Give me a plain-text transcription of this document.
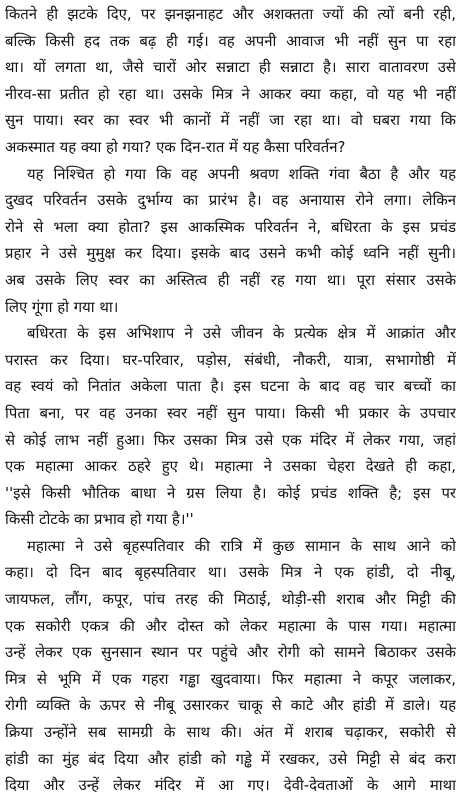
कितने ही झटके दिए, पर झनझनाहट और अशक्तता ज्यों की त्यों बनी रही,
बल्कि किसी हद तक बढ़ ही गई। वह अपनी आवाज भी नहीं सुन पा रहा
था। यों लगता था, जैसे चारों ओर सन्नाटा ही सन्नाटा है। सारा वातावरण उसे
नीरव-सा प्रतीत हो रहा था। उसके मित्र ने आकर क्या कहा, वो यह भी नहीं
सुन पाया। स्वर का स्वर भी कानों में नहीं जा रहा था। वो घबरा गया कि
अकस्मात यह क्या हो गया? एक दिन-रात में यह कैसा परिवर्तन?
यह निश्चित हो गया कि वह अपनी श्रवण शक्ति गंवा बैठा है और यह
दुखद परिवर्तन उसके दुर्भाग्य का प्रारंभ है। वह अनायास रोने लगा। लेकिन
रोने से भला क्या होता? इस आकस्मिक परिवर्तन ने, बधिरता के इस प्रचंड
प्रहार ने उसे मुमुक्ष कर दिया। इसके बाद उसने कभी कोई ध्वनि नहीं सुनी।
अब उसके लिए स्वर का अस्तित्व ही नहीं रह गया था। पूरा संसार उसके
लिए गूंगा हो गया था।
बधिरता के इस अभिशाप ने उसे जीवन के प्रत्येक क्षेत्र में आक्रांत और
परास्त कर दिया। घर-परिवार, पड़ोस, संबंधी, नौकरी, यात्रा, सभागोष्ठी में
वह स्वयं को नितांत अकेला पाता है। इस घटना के बाद वह चार बच्चों का
पिता बना, पर वह उनका स्वर नहीं सुन पाया। किसी भी प्रकार के उपचार
से कोई लाभ नहीं हुआ। फिर उसका मित्र उसे एक मंदिर में लेकर गया, जहां
एक महात्मा आकर ठहरे हुए थे। महात्मा ने उसका चेहरा देखते ही कहा,
''इसे किसी भौतिक बाधा ने ग्रस लिया है। कोई प्रचंड शक्ति है; इस पर
किसी टोटके का प्रभाव हो गया है।''
महात्मा ने उसे बृहस्पतिवार की रात्रि में कुछ सामान के साथ आने को
कहा। दो दिन बाद बृहस्पतिवार था। उसके मित्र ने एक हांडी, दो नीबू,
जायफल, लौंग, कपूर, पांच तरह की मिठाई, थोड़ी-सी शराब और मिट्टी की
एक सकोरी एकत्र की और दोस्त को लेकर महात्मा के पास गया। महात्मा
उन्हें लेकर एक सुनसान स्थान पर पहुंचे और रोगी को सामने बिठाकर उसके
मित्र से भूमि में एक गहरा गड्ढा खुदवाया। फिर महात्मा ने कपूर जलाकर,
रोगी व्यक्ति के ऊपर से नीबू उसारकर चाकू से काटे और हांडी में डाले। यह
क्रिया उन्होंने सब सामग्री के साथ की। अंत में शराब चढ़ाकर, सकोरी से
हांडी का मुंह बंद दिया और हांडी को गड्ढे में रखकर, उसे मिट्टी से बंद करा
दिया और उन्हें लेकर मंदिर में आ गए। देवी-देवताओं के आगे माथा
